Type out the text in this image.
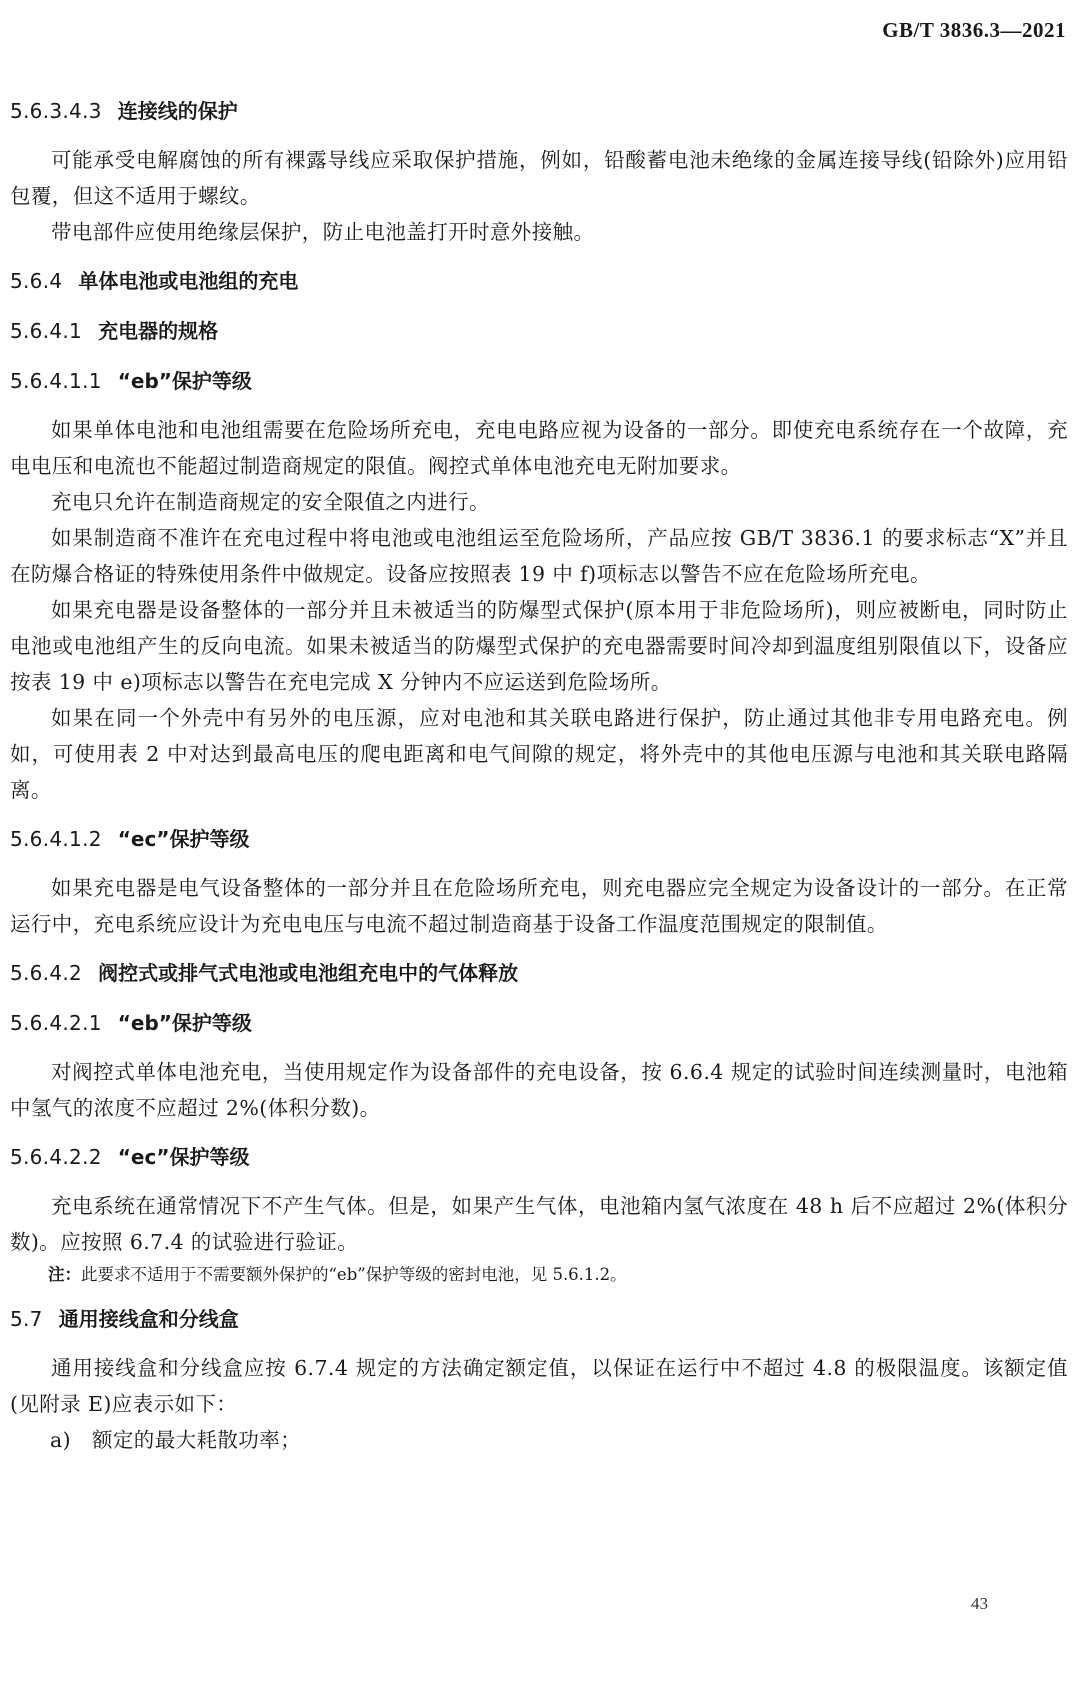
GB/T 3836.3—2021
5.6.3.4.3 连接线的保护
可能承受电解腐蚀的所有裸露导线应采取保护措施，例如，铅酸蓄电池未绝缘的金属连接导线(铅除外)应用铅包覆，但这不适用于螺纹。
带电部件应使用绝缘层保护，防止电池盖打开时意外接触。
5.6.4 单体电池或电池组的充电
5.6.4.1 充电器的规格
5.6.4.1.1 “eb”保护等级
如果单体电池和电池组需要在危险场所充电，充电电路应视为设备的一部分。即使充电系统存在一个故障，充电电压和电流也不能超过制造商规定的限值。阀控式单体电池充电无附加要求。
充电只允许在制造商规定的安全限值之内进行。
如果制造商不准许在充电过程中将电池或电池组运至危险场所，产品应按 GB/T 3836.1 的要求标志“X”并且在防爆合格证的特殊使用条件中做规定。设备应按照表 19 中 f)项标志以警告不应在危险场所充电。
如果充电器是设备整体的一部分并且未被适当的防爆型式保护(原本用于非危险场所)，则应被断电，同时防止电池或电池组产生的反向电流。如果未被适当的防爆型式保护的充电器需要时间冷却到温度组别限值以下，设备应按表 19 中 e)项标志以警告在充电完成 X 分钟内不应运送到危险场所。
如果在同一个外壳中有另外的电压源，应对电池和其关联电路进行保护，防止通过其他非专用电路充电。例如，可使用表 2 中对达到最高电压的爬电距离和电气间隙的规定，将外壳中的其他电压源与电池和其关联电路隔离。
5.6.4.1.2 “ec”保护等级
如果充电器是电气设备整体的一部分并且在危险场所充电，则充电器应完全规定为设备设计的一部分。在正常运行中，充电系统应设计为充电电压与电流不超过制造商基于设备工作温度范围规定的限制值。
5.6.4.2 阀控式或排气式电池或电池组充电中的气体释放
5.6.4.2.1 “eb”保护等级
对阀控式单体电池充电，当使用规定作为设备部件的充电设备，按 6.6.4 规定的试验时间连续测量时，电池箱中氢气的浓度不应超过 2%(体积分数)。
5.6.4.2.2 “ec”保护等级
充电系统在通常情况下不产生气体。但是，如果产生气体，电池箱内氢气浓度在 48 h 后不应超过 2%(体积分数)。应按照 6.7.4 的试验进行验证。
注：此要求不适用于不需要额外保护的“eb”保护等级的密封电池，见 5.6.1.2。
5.7 通用接线盒和分线盒
通用接线盒和分线盒应按 6.7.4 规定的方法确定额定值，以保证在运行中不超过 4.8 的极限温度。该额定值(见附录 E)应表示如下：
a) 额定的最大耗散功率；
43
